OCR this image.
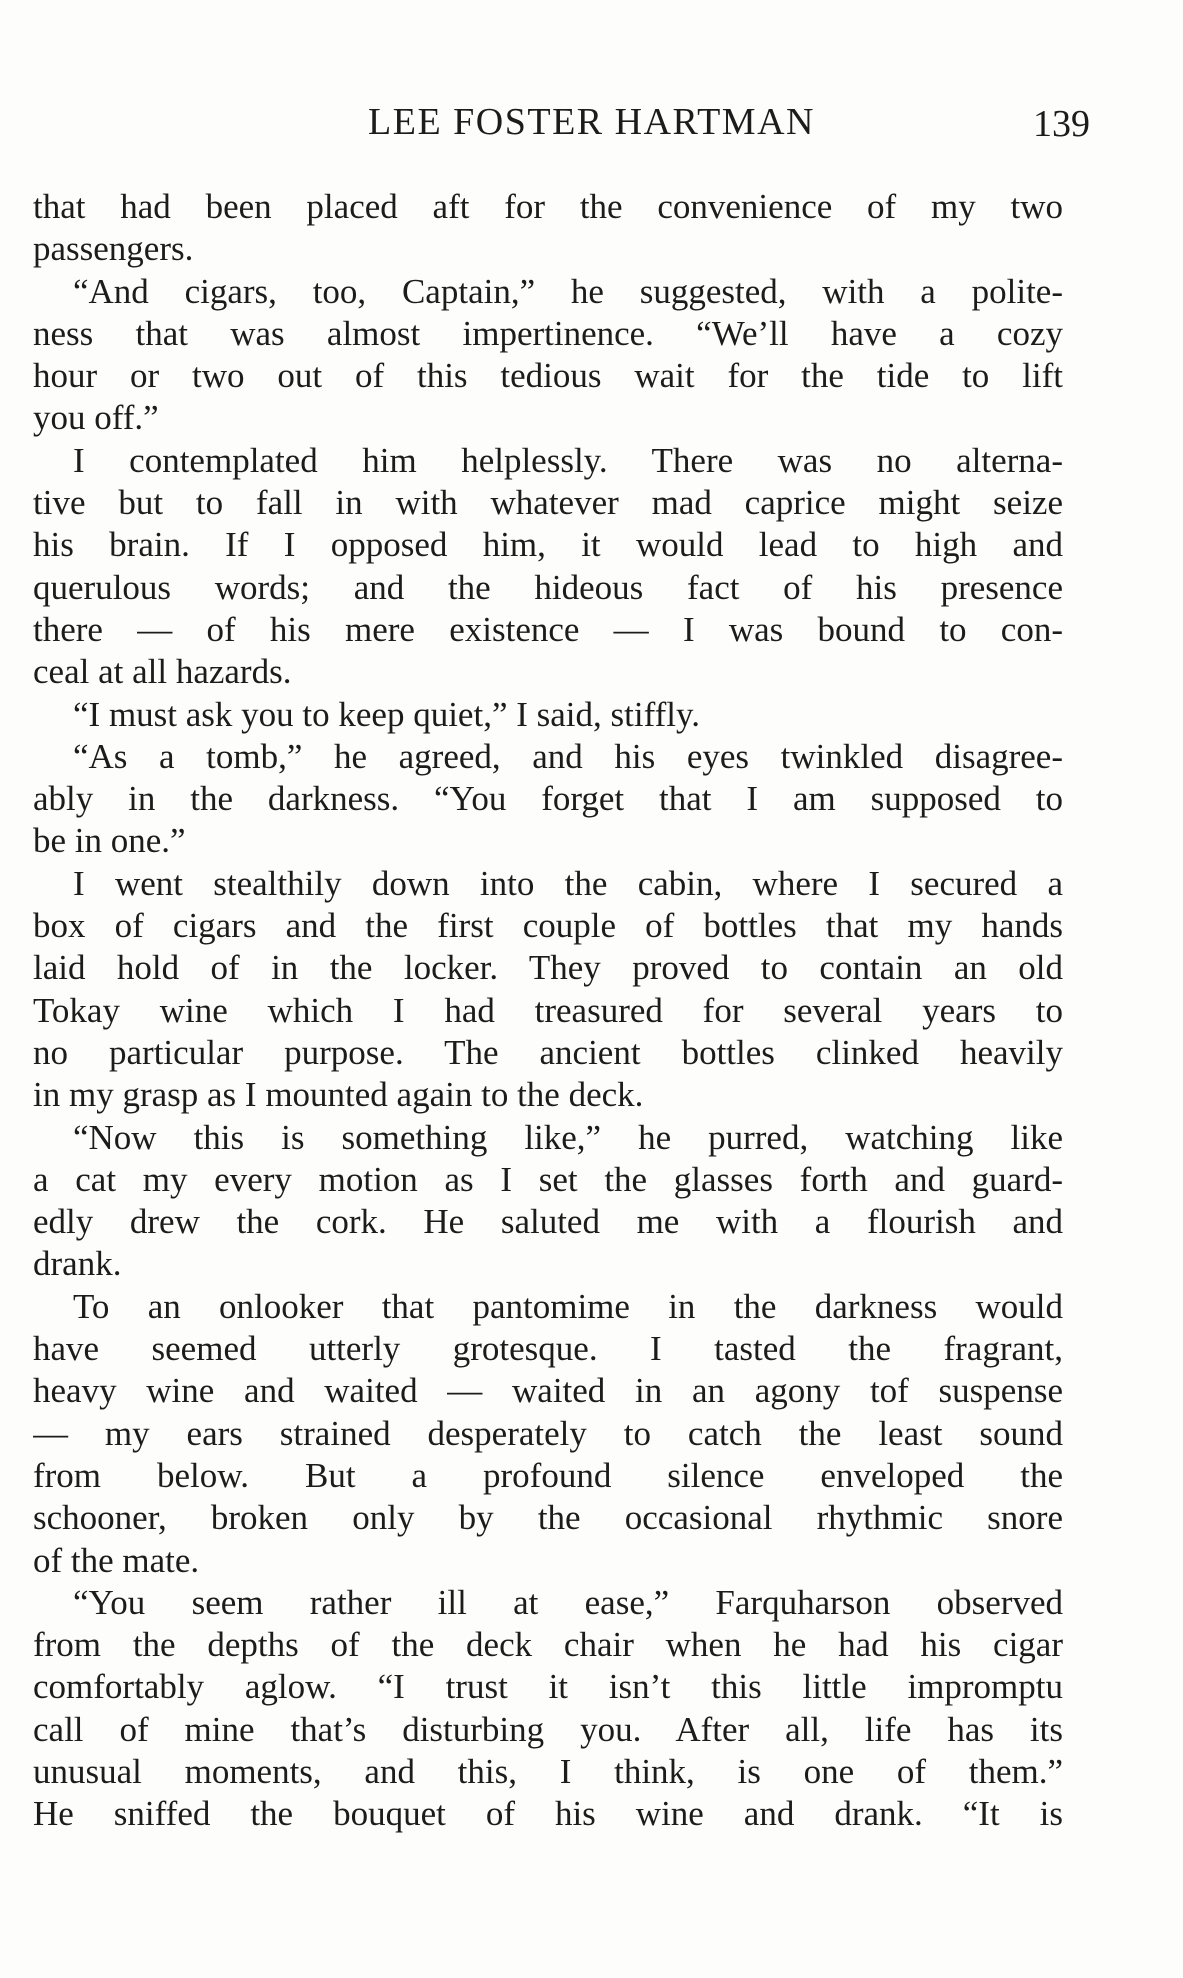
LEE FOSTER HARTMAN	139
that had been placed aft for the convenience of my two
passengers.
“And cigars, too, Captain,” he suggested, with a polite-
ness that was almost impertinence. “We’ll have a cozy
hour or two out of this tedious wait for the tide to lift
you off.”
I contemplated him helplessly. There was no alterna-
tive but to fall in with whatever mad caprice might seize
his brain. If I opposed him, it would lead to high and
querulous words; and the hideous fact of his presence
there — of his mere existence — I was bound to con-
ceal at all hazards.
“I must ask you to keep quiet,” I said, stiffly.
“As a tomb,” he agreed, and his eyes twinkled disagree-
ably in the darkness. “You forget that I am supposed to
be in one.”
I went stealthily down into the cabin, where I secured a
box of cigars and the first couple of bottles that my hands
laid hold of in the locker. They proved to contain an old
Tokay wine which I had treasured for several years to
no particular purpose. The ancient bottles clinked heavily
in my grasp as I mounted again to the deck.
“Now this is something like,” he purred, watching like
a cat my every motion as I set the glasses forth and guard-
edly drew the cork. He saluted me with a flourish and
drank.
To an onlooker that pantomime in the darkness would
have seemed utterly grotesque. I tasted the fragrant,
heavy wine and waited — waited in an agony tof suspense
— my ears strained desperately to catch the least sound
from below. But a profound silence enveloped the
schooner, broken only by the occasional rhythmic snore
of the mate.
“You seem rather ill at ease,” Farquharson observed
from the depths of the deck chair when he had his cigar
comfortably aglow. “I trust it isn’t this little impromptu
call of mine that’s disturbing you. After all, life has its
unusual moments, and this, I think, is one of them.”
He sniffed the bouquet of his wine and drank. “It is
